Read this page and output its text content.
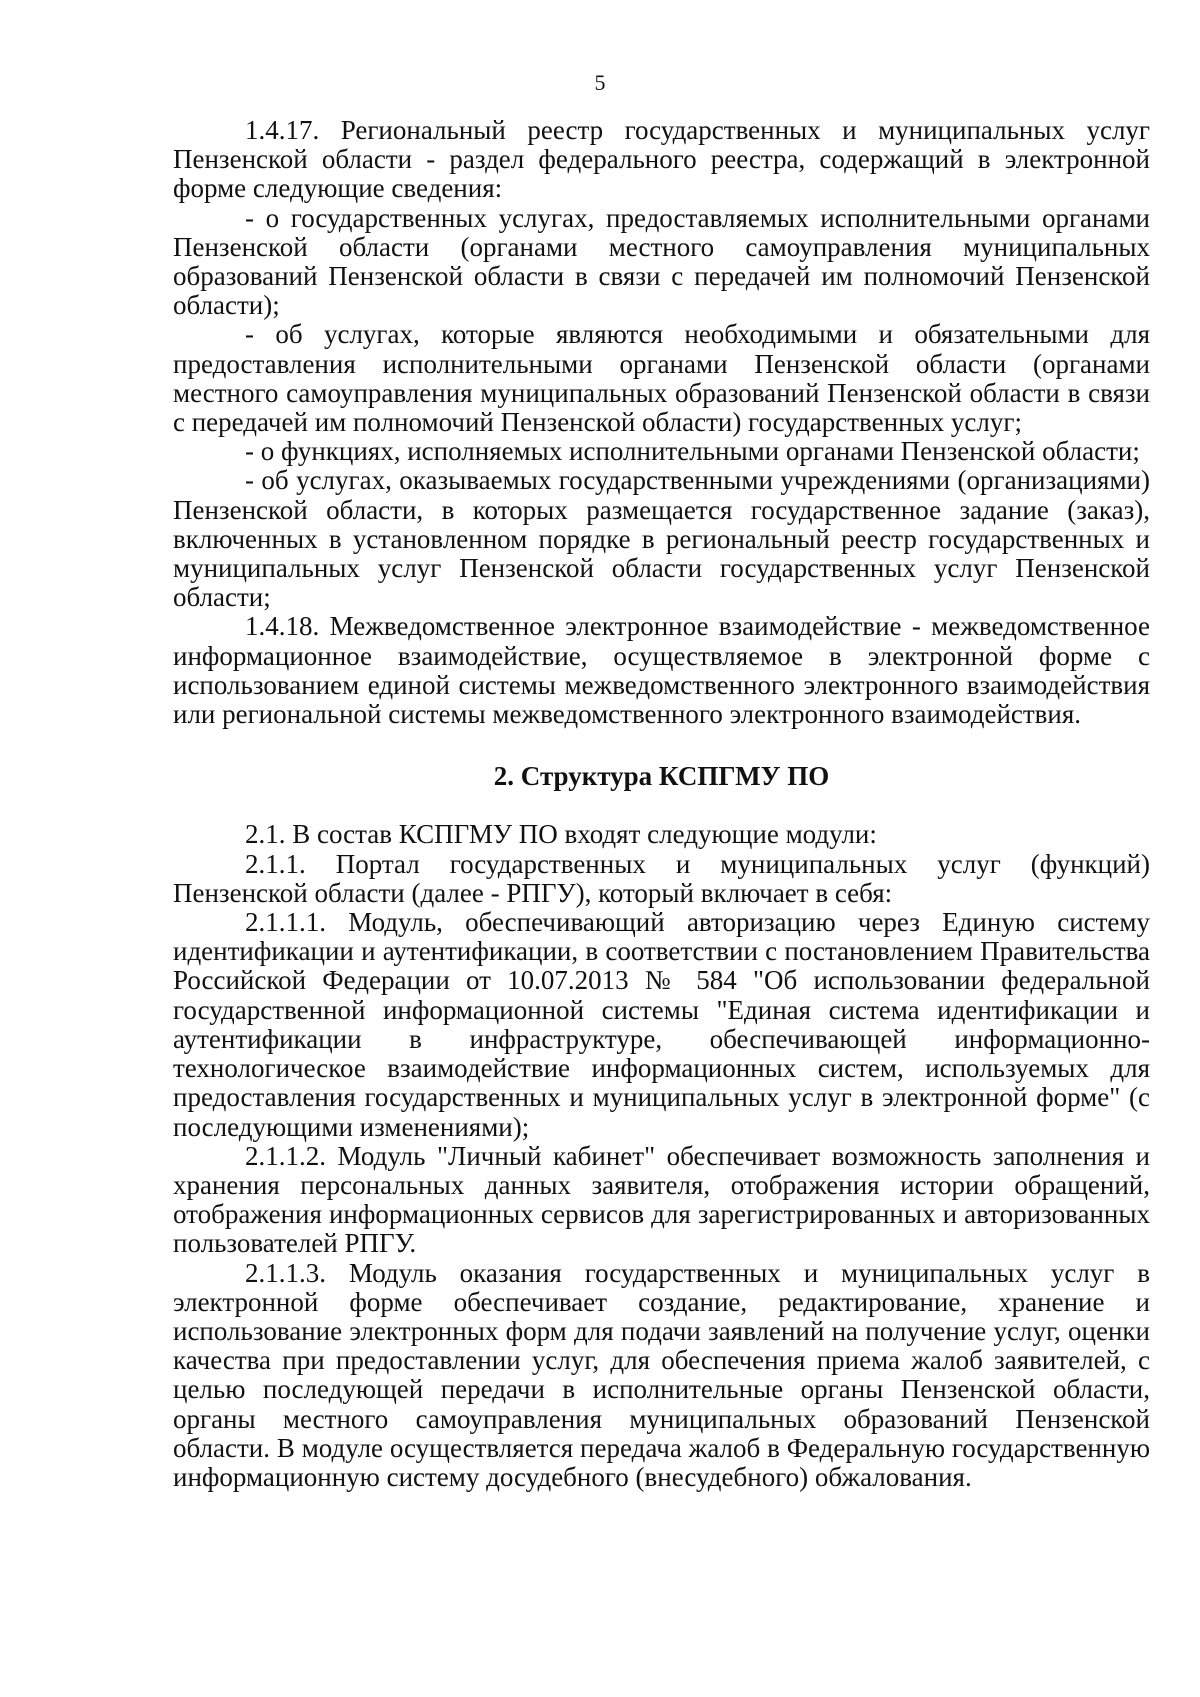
5

1.4.17. Региональный реестр государственных и муниципальных услуг Пензенской области - раздел федерального реестра, содержащий в электронной форме следующие сведения:

- о государственных услугах, предоставляемых исполнительными органами Пензенской области (органами местного самоуправления муниципальных образований Пензенской области в связи с передачей им полномочий Пензенской области);

- об услугах, которые являются необходимыми и обязательными для предоставления исполнительными органами Пензенской области (органами местного самоуправления муниципальных образований Пензенской области в связи с передачей им полномочий Пензенской области) государственных услуг;

- о функциях, исполняемых исполнительными органами Пензенской области;

- об услугах, оказываемых государственными учреждениями (организациями) Пензенской области, в которых размещается государственное задание (заказ), включенных в установленном порядке в региональный реестр государственных и муниципальных услуг Пензенской области государственных услуг Пензенской области;

1.4.18. Межведомственное электронное взаимодействие - межведомственное информационное взаимодействие, осуществляемое в электронной форме с использованием единой системы межведомственного электронного взаимодействия или региональной системы межведомственного электронного взаимодействия.

2. Структура КСПГМУ ПО

2.1. В состав КСПГМУ ПО входят следующие модули:

2.1.1. Портал государственных и муниципальных услуг (функций) Пензенской области (далее - РПГУ), который включает в себя:

2.1.1.1. Модуль, обеспечивающий авторизацию через Единую систему идентификации и аутентификации, в соответствии с постановлением Правительства Российской Федерации от 10.07.2013 № 584 "Об использовании федеральной государственной информационной системы "Единая система идентификации и аутентификации в инфраструктуре, обеспечивающей информационно-технологическое взаимодействие информационных систем, используемых для предоставления государственных и муниципальных услуг в электронной форме" (с последующими изменениями);

2.1.1.2. Модуль "Личный кабинет" обеспечивает возможность заполнения и хранения персональных данных заявителя, отображения истории обращений, отображения информационных сервисов для зарегистрированных и авторизованных пользователей РПГУ.

2.1.1.3. Модуль оказания государственных и муниципальных услуг в электронной форме обеспечивает создание, редактирование, хранение и использование электронных форм для подачи заявлений на получение услуг, оценки качества при предоставлении услуг, для обеспечения приема жалоб заявителей, с целью последующей передачи в исполнительные органы Пензенской области, органы местного самоуправления муниципальных образований Пензенской области. В модуле осуществляется передача жалоб в Федеральную государственную информационную систему досудебного (внесудебного) обжалования.
